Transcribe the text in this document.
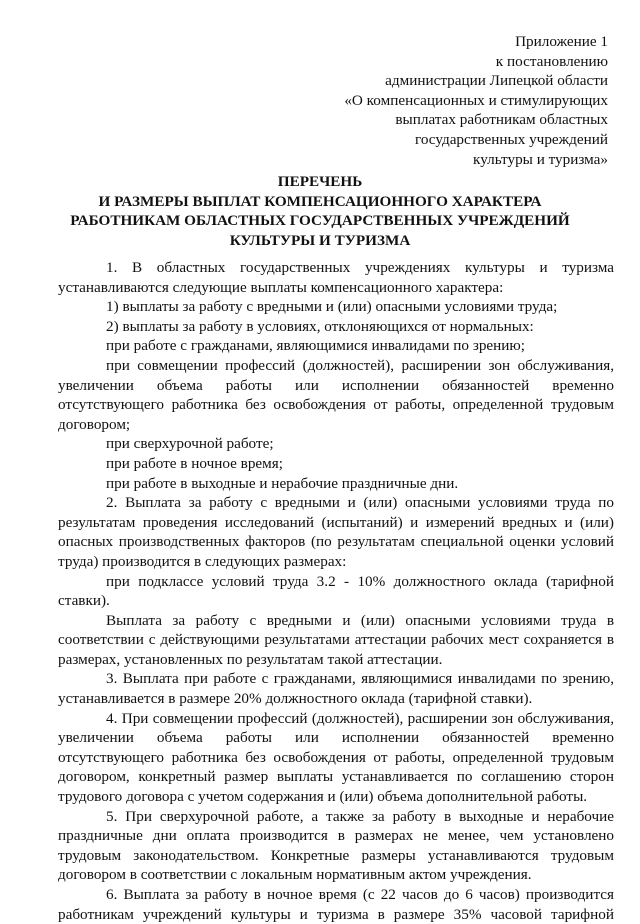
Приложение 1
к постановлению
администрации Липецкой области
«О компенсационных и стимулирующих
выплатах работникам областных
государственных учреждений
культуры и туризма»
ПЕРЕЧЕНЬ
И РАЗМЕРЫ ВЫПЛАТ КОМПЕНСАЦИОННОГО ХАРАКТЕРА
РАБОТНИКАМ ОБЛАСТНЫХ ГОСУДАРСТВЕННЫХ УЧРЕЖДЕНИЙ
КУЛЬТУРЫ И ТУРИЗМА
1. В областных государственных учреждениях культуры и туризма
устанавливаются следующие выплаты компенсационного характера:
1) выплаты за работу с вредными и (или) опасными условиями труда;
2) выплаты за работу в условиях, отклоняющихся от нормальных:
при работе с гражданами, являющимися инвалидами по зрению;
при совмещении профессий (должностей), расширении зон обслуживания,
увеличении объема работы или исполнении обязанностей временно
отсутствующего работника без освобождения от работы, определенной трудовым
договором;
при сверхурочной работе;
при работе в ночное время;
при работе в выходные и нерабочие праздничные дни.
2. Выплата за работу с вредными и (или) опасными условиями труда по
результатам проведения исследований (испытаний) и измерений вредных и (или)
опасных производственных факторов (по результатам специальной оценки условий
труда) производится в следующих размерах:
при подклассе условий труда 3.2 - 10% должностного оклада (тарифной
ставки).
Выплата за работу с вредными и (или) опасными условиями труда в
соответствии с действующими результатами аттестации рабочих мест сохраняется в
размерах, установленных по результатам такой аттестации.
3. Выплата при работе с гражданами, являющимися инвалидами по зрению,
устанавливается в размере 20% должностного оклада (тарифной ставки).
4. При совмещении профессий (должностей), расширении зон обслуживания,
увеличении объема работы или исполнении обязанностей временно
отсутствующего работника без освобождения от работы, определенной трудовым
договором, конкретный размер выплаты устанавливается по соглашению сторон
трудового договора с учетом содержания и (или) объема дополнительной работы.
5. При сверхурочной работе, а также за работу в выходные и нерабочие
праздничные дни оплата производится в размерах не менее, чем установлено
трудовым законодательством. Конкретные размеры устанавливаются трудовым
договором в соответствии с локальным нормативным актом учреждения.
6. Выплата за работу в ночное время (с 22 часов до 6 часов) производится
работникам учреждений культуры и туризма в размере 35% часовой тарифной
